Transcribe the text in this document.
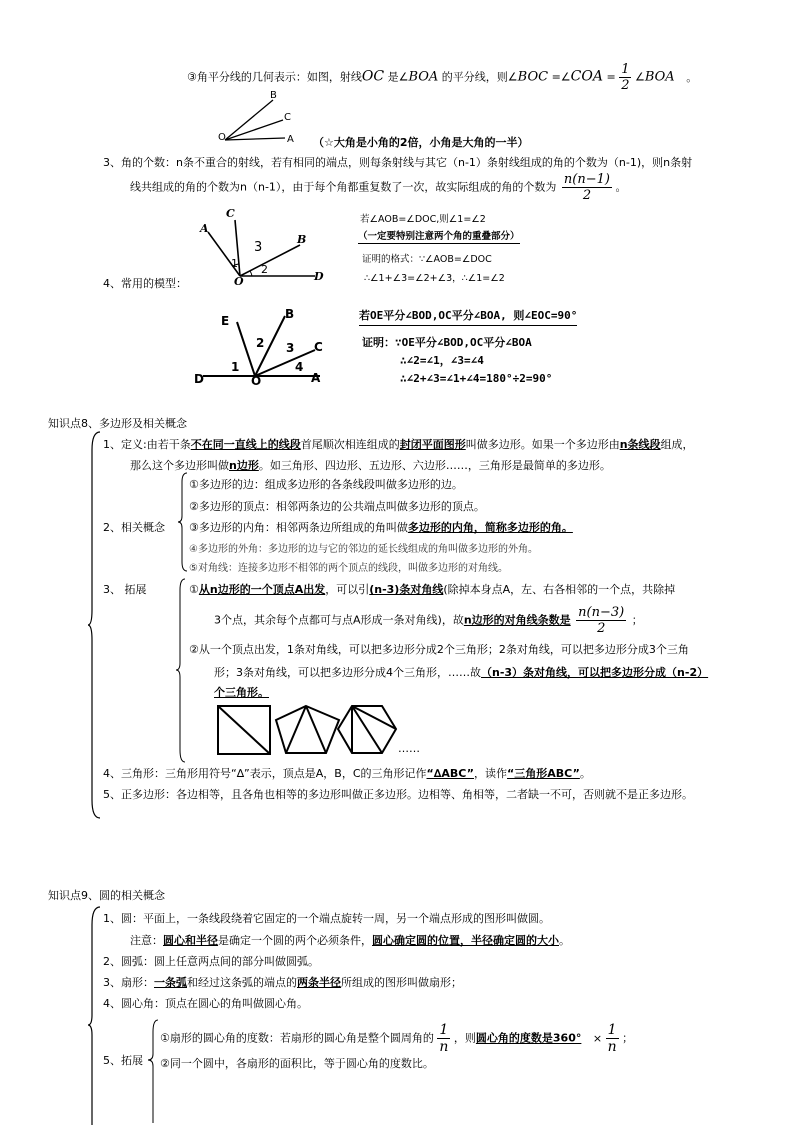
③角平分线的几何表示：如图，射线OC 是∠BOA 的平分线，则∠BOC =∠COA = $\frac{1}{2}$ ∠BOA 。
B
C
O	A （☆大角是小角的2倍，小角是大角的一半）
3、角的个数：n条不重合的射线，若有相同的端点，则每条射线与其它（n-1）条射线组成的角的个数为（n-1)，则n条射
线共组成的角的个数为n（n-1），由于每个角都重复数了一次，故实际组成的角的个数为 $\frac{n(n-1)}{2}$ 。
C
A
B
3
1 2
O	D
4、常用的模型：
若∠AOB=∠DOC,则∠1=∠2
（一定要特别注意两个角的重叠部分）
证明的格式：∵∠AOB=∠DOC
∴∠1+∠3=∠2+∠3，∴∠1=∠2
E	B
2 3 C
1	4
D	O	A
若OE平分∠BOD,OC平分∠BOA, 则∠EOC=90°
证明：∵OE平分∠BOD,OC平分∠BOA
∴∠2=∠1，∠3=∠4
∴∠2+∠3=∠1+∠4=180°÷2=90°
知识点8、多边形及相关概念
1、定义:由若干条不在同一直线上的线段首尾顺次相连组成的封闭平面图形叫做多边形。如果一个多边形由n条线段组成，
那么这个多边形叫做n边形。如三角形、四边形、五边形、六边形……，三角形是最简单的多边形。
2、相关概念
①多边形的边：组成多边形的各条线段叫做多边形的边。
②多边形的顶点：相邻两条边的公共端点叫做多边形的顶点。
③多边形的内角：相邻两条边所组成的角叫做多边形的内角，简称多边形的角。
④多边形的外角：多边形的边与它的邻边的延长线组成的角叫做多边形的外角。
⑤对角线：连接多边形不相邻的两个顶点的线段，叫做多边形的对角线。
3、 拓展	①从n边形的一个顶点A出发，可以引(n-3)条对角线(除掉本身点A，左、右各相邻的一个点，共除掉
3个点，其余每个点都可与点A形成一条对角线)，故n边形的对角线条数是 $\frac{n(n-3)}{2}$ ；
②从一个顶点出发，1条对角线，可以把多边形分成2个三角形；2条对角线，可以把多边形分成3个三角
形；3条对角线，可以把多边形分成4个三角形，……故（n-3）条对角线，可以把多边形分成（n-2）
个三角形。
……
4、三角形：三角形用符号“∆”表示，顶点是A，B，C的三角形记作“∆ABC”，读作“三角形ABC”。
5、正多边形：各边相等，且各角也相等的多边形叫做正多边形。边相等、角相等，二者缺一不可，否则就不是正多边形。
知识点9、圆的相关概念
1、圆：平面上，一条线段绕着它固定的一个端点旋转一周，另一个端点形成的图形叫做圆。
注意：圆心和半径是确定一个圆的两个必须条件，圆心确定圆的位置，半径确定圆的大小。
2、圆弧：圆上任意两点间的部分叫做圆弧。
3、扇形：一条弧和经过这条弧的端点的两条半径所组成的图形叫做扇形；
4、圆心角：顶点在圆心的角叫做圆心角。
5、拓展
①扇形的圆心角的度数：若扇形的圆心角是整个圆周角的 $\frac{1}{n}$ ，则圆心角的度数是$360^\circ \times \frac{1}{n}$ ；
②同一个圆中，各扇形的面积比，等于圆心角的度数比。
